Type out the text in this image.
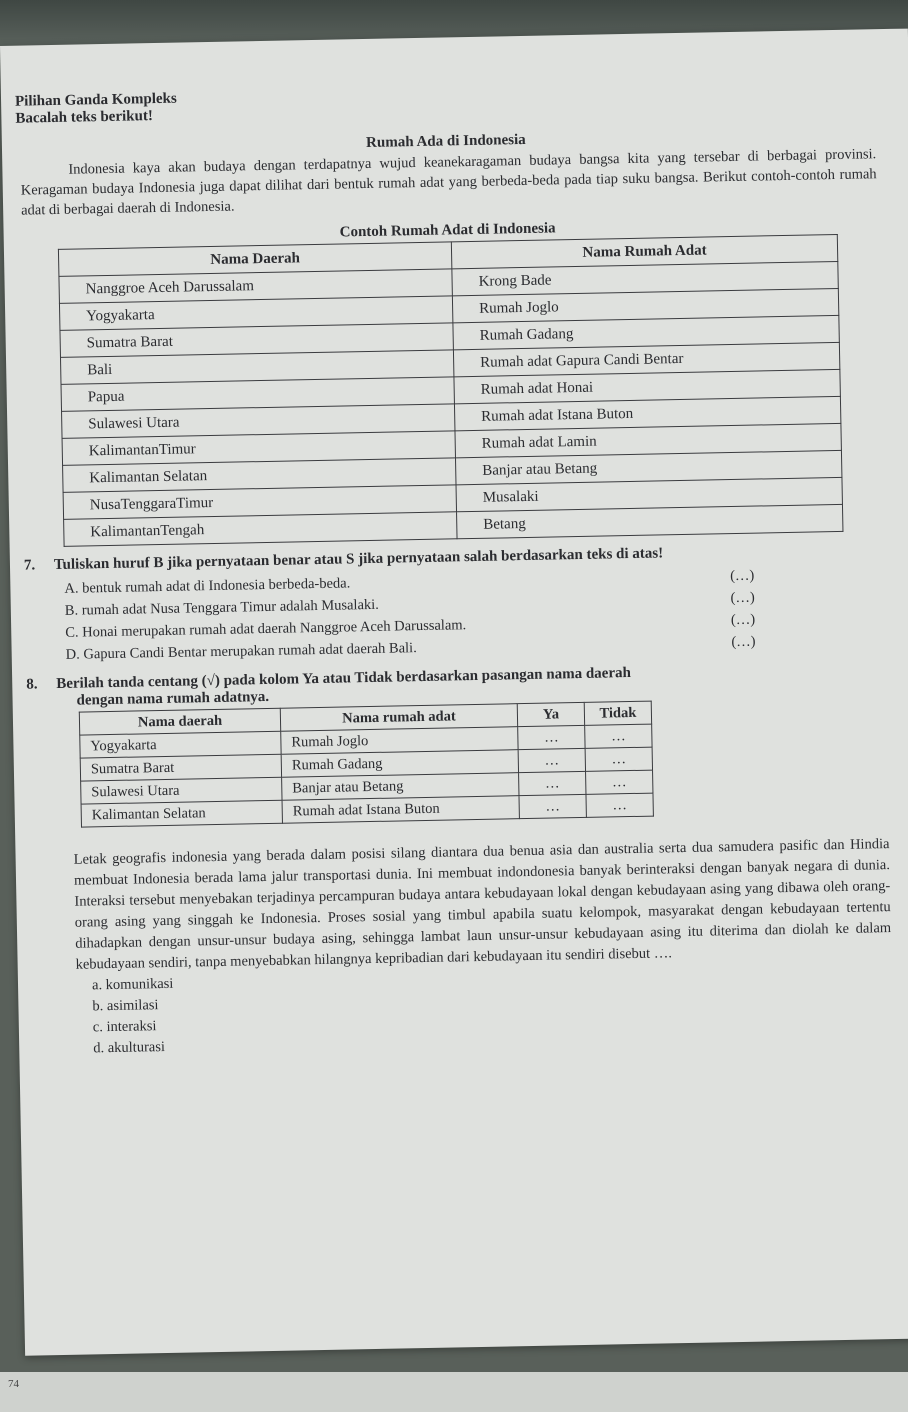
Pilihan Ganda Kompleks
Bacalah teks berikut!
Rumah Ada di Indonesia
Indonesia kaya akan budaya dengan terdapatnya wujud keanekaragaman budaya bangsa kita yang tersebar di berbagai provinsi. Keragaman budaya Indonesia juga dapat dilihat dari bentuk rumah adat yang berbeda-beda pada tiap suku bangsa. Berikut contoh-contoh rumah adat di berbagai daerah di Indonesia.
Contoh Rumah Adat di Indonesia
Nama Daerah	Nama Rumah Adat
Nanggroe Aceh Darussalam	Krong Bade
Yogyakarta	Rumah Joglo
Sumatra Barat	Rumah Gadang
Bali	Rumah adat Gapura Candi Bentar
Papua	Rumah adat Honai
Sulawesi Utara	Rumah adat Istana Buton
KalimantanTimur	Rumah adat Lamin
Kalimantan Selatan	Banjar atau Betang
NusaTenggaraTimur	Musalaki
KalimantanTengah	Betang
7. Tuliskan huruf B jika pernyataan benar atau S jika pernyataan salah berdasarkan teks di atas!
A. bentuk rumah adat di Indonesia berbeda-beda.	(…)
B. rumah adat Nusa Tenggara Timur adalah Musalaki.	(…)
C. Honai merupakan rumah adat daerah Nanggroe Aceh Darussalam.	(…)
D. Gapura Candi Bentar merupakan rumah adat daerah Bali.	(…)
8. Berilah tanda centang (√) pada kolom Ya atau Tidak berdasarkan pasangan nama daerah
dengan nama rumah adatnya.
Nama daerah	Nama rumah adat	Ya	Tidak
Yogyakarta	Rumah Joglo	…	…
Sumatra Barat	Rumah Gadang	…	…
Sulawesi Utara	Banjar atau Betang	…	…
Kalimantan Selatan	Rumah adat Istana Buton	…	…
Letak geografis indonesia yang berada dalam posisi silang diantara dua benua asia dan australia serta dua samudera pasific dan Hindia membuat Indonesia berada lama jalur transportasi dunia. Ini membuat indondonesia banyak berinteraksi dengan banyak negara di dunia. Interaksi tersebut menyebakan terjadinya percampuran budaya antara kebudayaan lokal dengan kebudayaan asing yang dibawa oleh orang-orang asing yang singgah ke Indonesia. Proses sosial yang timbul apabila suatu kelompok, masyarakat dengan kebudayaan tertentu dihadapkan dengan unsur-unsur budaya asing, sehingga lambat laun unsur-unsur kebudayaan asing itu diterima dan diolah ke dalam kebudayaan sendiri, tanpa menyebabkan hilangnya kepribadian dari kebudayaan itu sendiri disebut ….
a. komunikasi
b. asimilasi
c. interaksi
d. akulturasi
74
